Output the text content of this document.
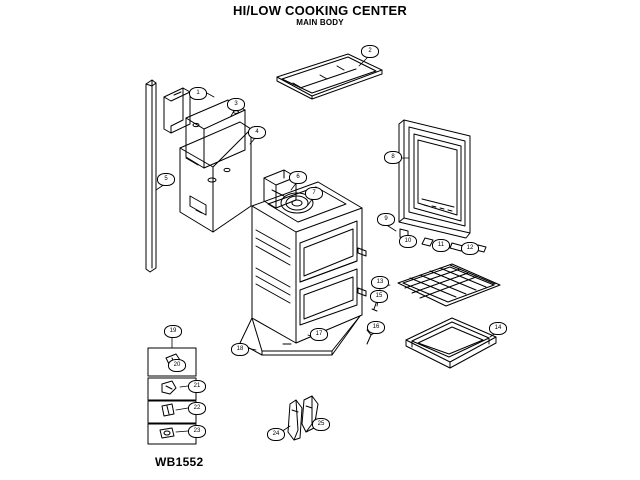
HI/LOW COOKING CENTER
MAIN BODY
1
2
3
4
5	6
7
8
9
10
11	12
13
14
15
16
17
18
19
20
21
22
23	24
25
WB1552
